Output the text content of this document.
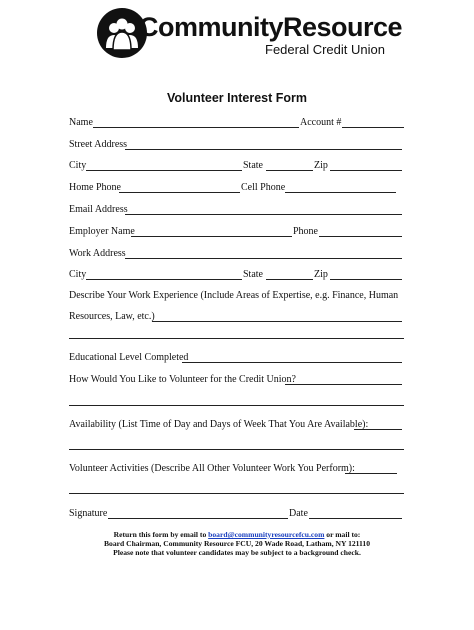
CommunityResource
Federal Credit Union
Volunteer Interest Form
Name	Account #
Street Address
City	State	Zip
Home Phone	Cell Phone
Email Address
Employer Name	Phone
Work Address
City	State	Zip
Describe Your Work Experience (Include Areas of Expertise, e.g. Finance, Human
Resources, Law, etc.)
Educational Level Completed
How Would You Like to Volunteer for the Credit Union?
Availability (List Time of Day and Days of Week That You Are Available):
Volunteer Activities (Describe All Other Volunteer Work You Perform):
Signature	Date
Return this form by email to board@communityresourcefcu.com or mail to:
Board Chairman, Community Resource FCU, 20 Wade Road, Latham, NY 121110
Please note that volunteer candidates may be subject to a background check.
